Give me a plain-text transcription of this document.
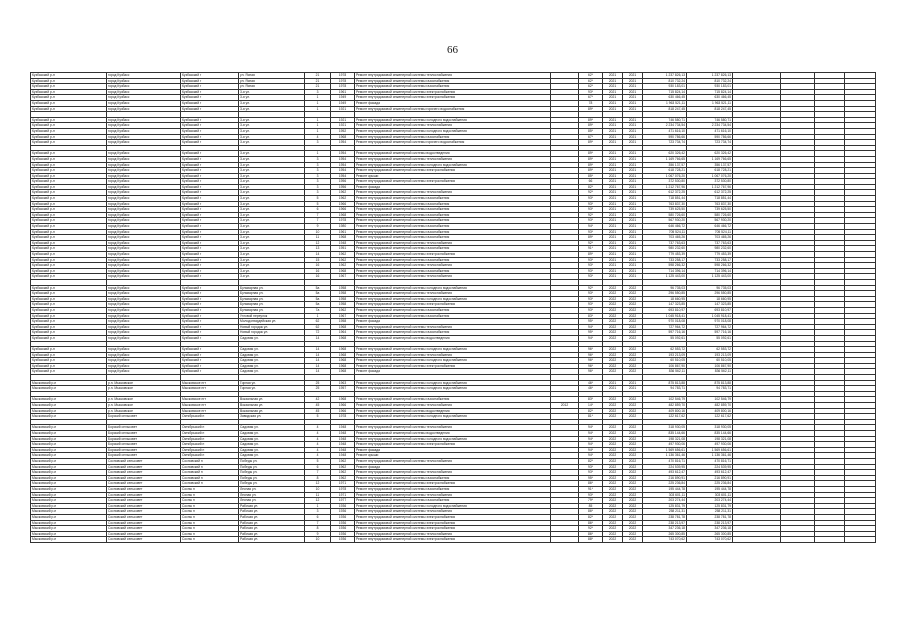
66
Кузбасский р-н	город Кузбасс	Кузбасский г	ул. Ясная	21	1978	Ремонт внутридомовой инженерной системы теплоснабжения		62*	2021	2021	1 237 826,13	1 237 826,13				
Кузбасский р-н	город Кузбасс	Кузбасский г	ул. Ясная	21	1978	Ремонт внутридомовой инженерной системы газоснабжения		62*	2021	2021	810 732,24	810 732,24				
Кузбасский р-н	город Кузбасс	Кузбасский г	ул. Ясная	21	1978	Ремонт внутридомовой инженерной системы газоснабжения		62*	2021	2021	930 183,01	930 183,01				
Кузбасский р-н	город Кузбасс	Кузбасский г	3-я ул.	3	1961	Ремонт внутридомовой инженерной системы электроснабжения		93*	2021	2021	715 824,14	715 824,14				
Кузбасский р-н	город Кузбасс	Кузбасский г	3-я ул.	1	1949	Ремонт внутридомовой инженерной системы электроснабжения		67*	2021	2021	630 466,45	630 466,45				
Кузбасский р-н	город Кузбасс	Кузбасский г	3-я ул.	1	1949	Ремонт фасада		78	2021	2021	1 963 521,11	1 963 521,11				
Кузбасский р-н	город Кузбасс	Кузбасский г	3-я ул.	1	1921	Ремонт внутридомовой инженерной системы горячего водоснабжения		89*	2021	2021	818 247,45	818 247,45				

Кузбасский р-н	город Кузбасс	Кузбасский г	3-я ул.	1	1921	Ремонт внутридомовой инженерной системы холодного водоснабжения		89*	2021	2021	746 580,71	746 580,71				
Кузбасский р-н	город Кузбасс	Кузбасский г	3-я ул.	1	1921	Ремонт внутридомовой инженерной системы теплоснабжения		89*	2021	2021	2 234 734,54	2 234 734,54				
Кузбасский р-н	город Кузбасс	Кузбасский г	3-я ул.	1	1952	Ремонт внутридомовой инженерной системы холодного водоснабжения		85*	2021	2021	471 616,10	471 616,10				
Кузбасский р-н	город Кузбасс	Кузбасский г	3-я ул.	4	1968	Ремонт внутридомовой инженерной системы газоснабжения		67*	2021	2021	590 786,66	590 786,66				
Кузбасский р-н	город Кузбасс	Кузбасский г	3-я ул.	3	1954	Ремонт внутридомовой инженерной системы горячего водоснабжения		89*	2021	2021	723 734,74	723 734,74				

Кузбасский р-н	город Кузбасс	Кузбасский г	3-я ул.	1	1954	Ремонт внутридомовой инженерной системы водоотведения		89*	2021	2021	620 326,42	620 326,42				
Кузбасский р-н	город Кузбасс	Кузбасский г	3-я ул.	3	1954	Ремонт внутридомовой инженерной системы теплоснабжения		89*	2021	2021	1 169 766,65	1 169 766,65				
Кузбасский р-н	город Кузбасс	Кузбасский г	3-я ул.	3	1954	Ремонт внутридомовой инженерной системы холодного водоснабжения		89*	2021	2021	356 137,57	356 137,57				
Кузбасский р-н	город Кузбасс	Кузбасский г	3-я ул.	3	1954	Ремонт внутридомовой инженерной системы электроснабжения		89*	2021	2021	618 728,21	618 728,21				
Кузбасский р-н	город Кузбасс	Кузбасский г	3-я ул.	3	1954	Ремонт крыши		85*	2021	2021	1 067 076,20	1 067 076,20				
Кузбасский р-н	город Кузбасс	Кузбасский г	3-я ул.	3	1956	Ремонт внутридомовой инженерной системы электроснабжения		66	2021	2021	372 530,80	372 530,80				
Кузбасский р-н	город Кузбасс	Кузбасский г	3-я ул.	3	1956	Ремонт фасада		82*	2021	2021	1 212 767,96	1 212 767,96				
Кузбасский р-н	город Кузбасс	Кузбасский г	3-я ул.	3	1962	Ремонт внутридомовой инженерной системы теплоснабжения		92*	2021	2021	612 372,25	612 372,25				
Кузбасский р-н	город Кузбасс	Кузбасский г	3-я ул.	5	1962	Ремонт внутридомовой инженерной системы газоснабжения		93*	2021	2021	718 851,44	718 851,44				
Кузбасский р-н	город Кузбасс	Кузбасский г	3-я ул.	5	1966	Ремонт внутридомовой инженерной системы газоснабжения		93*	2021	2021	763 837,30	763 837,30				
Кузбасский р-н	город Кузбасс	Кузбасский г	3-я ул.	6	1966	Ремонт внутридомовой инженерной системы газоснабжения		93*	2021	2021	739 625,50	739 625,50				
Кузбасский р-н	город Кузбасс	Кузбасский г	3-я ул.	7	1968	Ремонт внутридомовой инженерной системы газоснабжения		92*	2021	2021	580 726,60	580 726,60				
Кузбасский р-н	город Кузбасс	Кузбасский г	3-я ул.	7	1978	Ремонт внутридомовой инженерной системы газоснабжения		93*	2021	2021	567 930,20	567 930,20				
Кузбасский р-н	город Кузбасс	Кузбасский г	3-я ул.	9	1980	Ремонт внутридомовой инженерной системы газоснабжения		94*	2021	2021	646 466,72	646 466,72				
Кузбасский р-н	город Кузбасс	Кузбасский г	3-я ул.	10	1961	Ремонт внутридомовой инженерной системы газоснабжения		93*	2021	2021	705 524,11	705 524,11				
Кузбасский р-н	город Кузбасс	Кузбасский г	3-я ул.	11	1968	Ремонт внутридомовой инженерной системы газоснабжения		89*	2021	2021	703 465,26	703 465,26				
Кузбасский р-н	город Кузбасс	Кузбасский г	3-я ул.	12	1948	Ремонт внутридомовой инженерной системы теплоснабжения		92*	2021	2021	737 763,63	737 763,63				
Кузбасский р-н	город Кузбасс	Кузбасский г	3-я ул.	13	1951	Ремонт внутридомовой инженерной системы газоснабжения		91*	2021	2021	980 232,60	980 232,60				
Кузбасский р-н	город Кузбасс	Кузбасский г	3-я ул.	14	1962	Ремонт внутридомовой инженерной системы электроснабжения		89*	2021	2021	779 453,39	779 453,39				
Кузбасский р-н	город Кузбасс	Кузбасский г	3-я ул.	15	1962	Ремонт внутридомовой инженерной системы газоснабжения		93*	2021	2021	733 258,17	733 258,17				
Кузбасский р-н	город Кузбасс	Кузбасский г	3-я ул.	16	1962	Ремонт внутридомовой инженерной системы теплоснабжения		93*	2021	2021	598 266,32	598 266,32				
Кузбасский р-н	город Кузбасс	Кузбасский г	3-я ул.	16	1968	Ремонт внутридомовой инженерной системы газоснабжения		93*	2021	2021	714 396,14	714 396,14				
Кузбасский р-н	город Кузбасс	Кузбасский г	3-я ул.	16	1967	Ремонт внутридомовой инженерной системы теплоснабжения		93*	2021	2021	1 125 443,00	1 125 443,00				

Кузбасский р-н	город Кузбасс	Кузбасский г	Бульварная ул.	5а	1958	Ремонт внутридомовой инженерной системы холодного водоснабжения		92*	2022	2022	96 735,03	96 735,03				
Кузбасский р-н	город Кузбасс	Кузбасский г	Бульварная ул.	5а	1958	Ремонт внутридомовой инженерной системы теплоснабжения		93*	2022	2022	296 550,85	296 550,85				
Кузбасский р-н	город Кузбасс	Кузбасский г	Бульварная ул.	5а	1958	Ремонт внутридомовой инженерной системы холодного водоснабжения		93*	2022	2022	18 660,95	18 660,95				
Кузбасский р-н	город Кузбасс	Кузбасский г	Бульварная ул.	5а	1958	Ремонт внутридомовой инженерной системы электроснабжения		93*	2022	2022	147 323,85	147 323,85				
Кузбасский р-н	город Кузбасс	Кузбасский г	Бульварная ул.	7а	1962	Ремонт внутридомовой инженерной системы газоснабжения		93*	2022	2022	693 810,97	693 810,97				
Кузбасский р-н	город Кузбасс	Кузбасский г	Угловой переулок	1	1967	Ремонт внутридомовой инженерной системы газоснабжения		83*	2022	2022	1 045 918,41	1 045 918,41				
Кузбасский р-н	город Кузбасс	Кузбасский г	Молодогвардейская ул.	62	1958	Ремонт фасада		95*	2022	2022	970 018,08	970 018,08				
Кузбасский р-н	город Кузбасс	Кузбасский г	Новый городок ул.	62	1968	Ремонт внутридомовой инженерной системы теплоснабжения		94*	2022	2022	727 964,72	727 964,72				
Кузбасский р-н	город Кузбасс	Кузбасский г	Новый городок ул.	72	1964	Ремонт внутридомовой инженерной системы газоснабжения		95*	2022	2022	597 716,16	597 716,16				
Кузбасский р-н	город Кузбасс	Кузбасский г	Садовая ул.	14	1968	Ремонт внутридомовой инженерной системы водоотведения		94*	2022	2022	55 092,61	55 092,61				

Кузбасский р-н	город Кузбасс	Кузбасский г	Садовая ул.	14	1968	Ремонт внутридомовой инженерной системы холодного водоснабжения		96*	2022	2022	62 553,72	62 553,72				
Кузбасский р-н	город Кузбасс	Кузбасский г	Садовая ул.	14	1968	Ремонт внутридомовой инженерной системы теплоснабжения		96*	2022	2022	193 213,09	193 213,09				
Кузбасский р-н	город Кузбасс	Кузбасский г	Садовая ул.	14	1968	Ремонт внутридомовой инженерной системы холодного водоснабжения		96*	2022	2022	60 510,05	60 510,05				
Кузбасский р-н	город Кузбасс	Кузбасский г	Садовая ул.	14	1968	Ремонт внутридомовой инженерной системы электроснабжения		96*	2022	2022	106 867,90	106 867,90				
Кузбасский р-н	город Кузбасс	Кузбасский г	Садовая ул.	14	1968	Ремонт фасада		96*	2022	2022	836 562,11	836 562,11				

Мысковский р-н	р.п. Мысковское	Мысковское пгт	Горная ул.	25	1963	Ремонт внутридомовой инженерной системы холодного водоснабжения		46*	2021	2021	875 813,88	875 813,88				
Мысковский р-н	р.п. Мысковское	Мысковское пгт	Горная ул.	25	1957	Ремонт внутридомовой инженерной системы холодного водоснабжения		46*	2021	2021	94 783,71	94 783,71				

Мысковский р-н	р.п. Мысковское	Мысковское пгт	Вокзальная ул.	42	1968	Ремонт внутридомовой инженерной системы газоснабжения		83*	2022	2022	102 546,79	102 546,79				
Мысковский р-н	р.п. Мысковское	Мысковское пгт	Вокзальная ул.	45	1966	Ремонт внутридомовой инженерной системы теплоснабжения	2012	14*	2022	2022	482 859,70	482 859,70				
Мысковский р-н	р.п. Мысковское	Мысковское пгт	Вокзальная ул.	45	1966	Ремонт внутридомовой инженерной системы водоотведения		82*	2022	2022	409 800,16	409 800,16				
Мысковский р-н	Борский сельсовет	Октябрьский п	Заводская ул.	5	1978	Ремонт внутридомовой инженерной системы холодного водоснабжения		81*	2022	2022	122 617,62	122 617,62				

Мысковский р-н	Борский сельсовет	Октябрьский п	Садовая ул.	4	1948	Ремонт внутридомовой инженерной системы теплоснабжения		94*	2022	2022	318 930,05	318 930,05				
Мысковский р-н	Борский сельсовет	Октябрьский п	Садовая ул.	4	1948	Ремонт внутридомовой инженерной системы водоотведения		94*	2022	2022	835 144,66	835 144,66				
Мысковский р-н	Борский сельсовет	Октябрьский п	Садовая ул.	4	1948	Ремонт внутридомовой инженерной системы холодного водоснабжения		94*	2022	2022	198 321,08	198 321,08				
Мысковский р-н	Борский сельсовет	Октябрьский п	Садовая ул.	4	1948	Ремонт внутридомовой инженерной системы электроснабжения		94*	2022	2022	497 930,06	497 930,06				
Мысковский р-н	Борский сельсовет	Октябрьский п	Садовая ул.	4	1948	Ремонт фасада		94*	2022	2022	1 569 656,61	1 569 656,61				
Мысковский р-н	Борский сельсовет	Октябрьский п	Садовая ул.	4	1948	Ремонт крыши		94*	2022	2022	1 136 361,46	1 136 361,46				
Мысковский р-н	Сосновский сельсовет	Сосновский п	Победы ул.	5	1962	Ремонт внутридомовой инженерной системы теплоснабжения		82*	2022	2022	470 816,71	470 816,71				
Мысковский р-н	Сосновский сельсовет	Сосновский п	Победы ул.	6	1962	Ремонт фасада		93*	2022	2022	224 539,95	224 539,95				
Мысковский р-н	Сосновский сельсовет	Сосновский п	Победы ул.	7	1962	Ремонт внутридомовой инженерной системы теплоснабжения		93*	2022	2022	493 612,47	493 612,47				
Мысковский р-н	Сосновский сельсовет	Сосновский п	Победы ул.	8	1962	Ремонт внутридомовой инженерной системы газоснабжения		95*	2022	2022	216 890,91	216 890,91				
Мысковский р-н	Сосновский сельсовет	Сосновский п	Победы ул.	12	1971	Ремонт внутридомовой инженерной системы электроснабжения		86*	2022	2022	225 236,84	225 236,84				
Мысковский р-н	Сосновский сельсовет	Сосны п	Лесная ул.	10	1978	Ремонт внутридомовой инженерной системы газоснабжения		91*	2022	2022	195 444,78	195 444,78				
Мысковский р-н	Сосновский сельсовет	Сосны п	Лесная ул.	11	1971	Ремонт внутридомовой инженерной системы теплоснабжения		93*	2022	2022	303 601,11	303 601,11				
Мысковский р-н	Сосновский сельсовет	Сосны п	Лесная ул.	12	1977	Ремонт внутридомовой инженерной системы газоснабжения		79*	2022	2022	203 274,44	203 274,44				
Мысковский р-н	Сосновский сельсовет	Сосны п	Рабочая ул.	1	1936	Ремонт внутридомовой инженерной системы холодного водоснабжения		85	2022	2022	125 831,79	125 831,79				
Мысковский р-н	Сосновский сельсовет	Сосны п	Рабочая ул.	3	1936	Ремонт внутридомовой инженерной системы теплоснабжения		86*	2022	2022	258 211,31	258 211,31				
Мысковский р-н	Сосновский сельсовет	Сосны п	Рабочая ул.	6	1936	Ремонт внутридомовой инженерной системы электроснабжения		82*	2022	2022	238 781,78	238 781,78				
Мысковский р-н	Сосновский сельсовет	Сосны п	Рабочая ул.	7	1936	Ремонт внутридомовой инженерной системы электроснабжения		86*	2022	2022	238 213,97	238 213,97				
Мысковский р-н	Сосновский сельсовет	Сосны п	Рабочая ул.	8	1936	Ремонт внутридомовой инженерной системы электроснабжения		92*	2022	2022	347 236,18	347 236,18				
Мысковский р-н	Сосновский сельсовет	Сосны п	Рабочая ул.	9	1936	Ремонт внутридомовой инженерной системы теплоснабжения		86*	2022	2022	265 300,85	265 300,85				
Мысковский р-н	Сосновский сельсовет	Сосны п	Рабочая ул.	10	1936	Ремонт внутридомовой инженерной системы электроснабжения		88*	2022	2022	743 070,62	743 070,62				
